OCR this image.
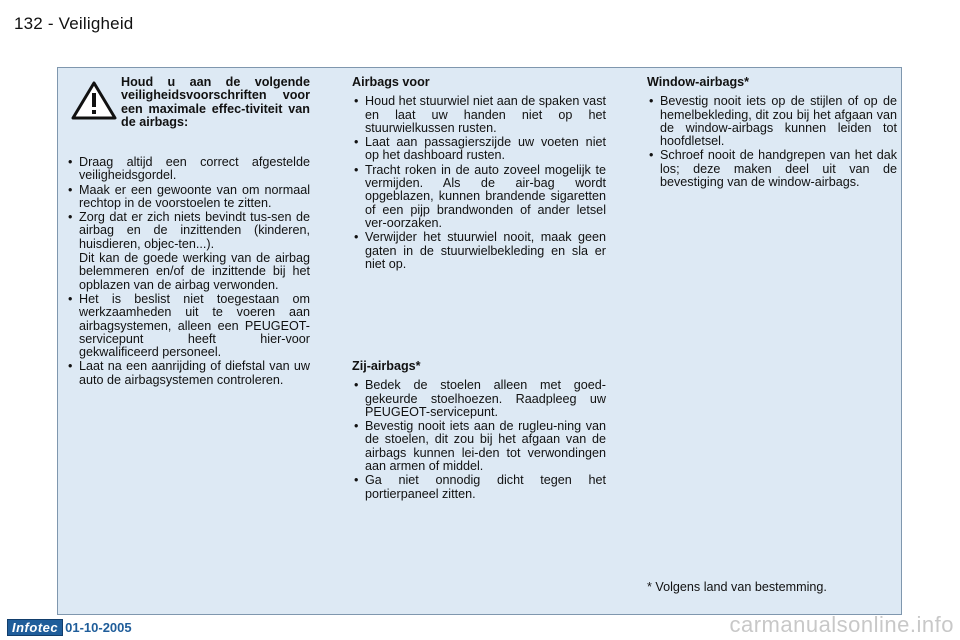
132 - Veiligheid
Houd u aan de volgende veiligheidsvoorschriften voor een maximale effec-tiviteit van de airbags:
• Draag altijd een correct afgestelde veiligheidsgordel.
• Maak er een gewoonte van om normaal rechtop in de voorstoelen te zitten.
• Zorg dat er zich niets bevindt tus-sen de airbag en de inzittenden (kinderen, huisdieren, objec-ten...).
Dit kan de goede werking van de airbag belemmeren en/of de inzittende bij het opblazen van de airbag verwonden.
• Het is beslist niet toegestaan om werkzaamheden uit te voeren aan airbagsystemen, alleen een PEUGEOT-servicepunt heeft hier-voor gekwalificeerd personeel.
• Laat na een aanrijding of diefstal van uw auto de airbagsystemen controleren.
Airbags voor
• Houd het stuurwiel niet aan de spaken vast en laat uw handen niet op het stuurwielkussen rusten.
• Laat aan passagierszijde uw voeten niet op het dashboard rusten.
• Tracht roken in de auto zoveel mogelijk te vermijden. Als de air-bag wordt opgeblazen, kunnen brandende sigaretten of een pijp brandwonden of ander letsel ver-oorzaken.
• Verwijder het stuurwiel nooit, maak geen gaten in de stuurwielbekleding en sla er niet op.
Zij-airbags*
• Bedek de stoelen alleen met goed-gekeurde stoelhoezen. Raadpleeg uw PEUGEOT-servicepunt.
• Bevestig nooit iets aan de rugleu-ning van de stoelen, dit zou bij het afgaan van de airbags kunnen lei-den tot verwondingen aan armen of middel.
• Ga niet onnodig dicht tegen het portierpaneel zitten.
Window-airbags*
• Bevestig nooit iets op de stijlen of op de hemelbekleding, dit zou bij het afgaan van de window-airbags kunnen leiden tot hoofdletsel.
• Schroef nooit de handgrepen van het dak los; deze maken deel uit van de bevestiging van de window-airbags.
* Volgens land van bestemming.
Infotec 01-10-2005	carmanualsonline.info
